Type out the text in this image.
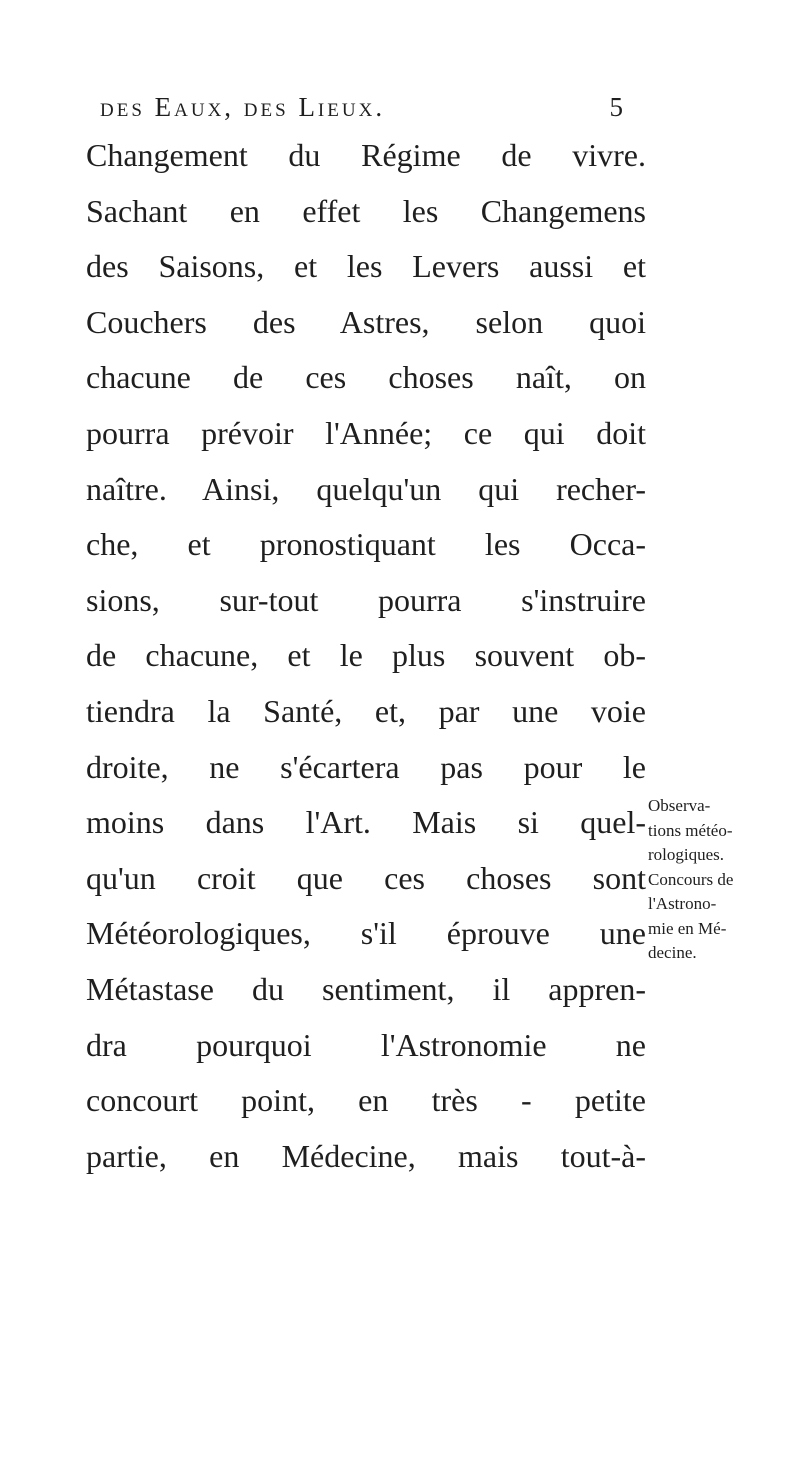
des Eaux, des Lieux.	5
Changement du Régime de vivre.
Sachant en effet les Changemens
des Saisons, et les Levers aussi et
Couchers des Astres, selon quoi
chacune de ces choses naît, on
pourra prévoir l'Année; ce qui doit
naître. Ainsi, quelqu'un qui recher-
che, et pronostiquant les Occa-
sions, sur-tout pourra s'instruire
de chacune, et le plus souvent ob-
tiendra la Santé, et, par une voie
droite, ne s'écartera pas pour le
moins dans l'Art. Mais si quel-
qu'un croit que ces choses sont
Météorologiques, s'il éprouve une
Métastase du sentiment, il appren-
dra pourquoi l'Astronomie ne
concourt point, en très - petite
partie, en Médecine, mais tout-à-
Observa-
tions météo-
rologiques.
Concours de
l'Astrono-
mie en Mé-
decine.
